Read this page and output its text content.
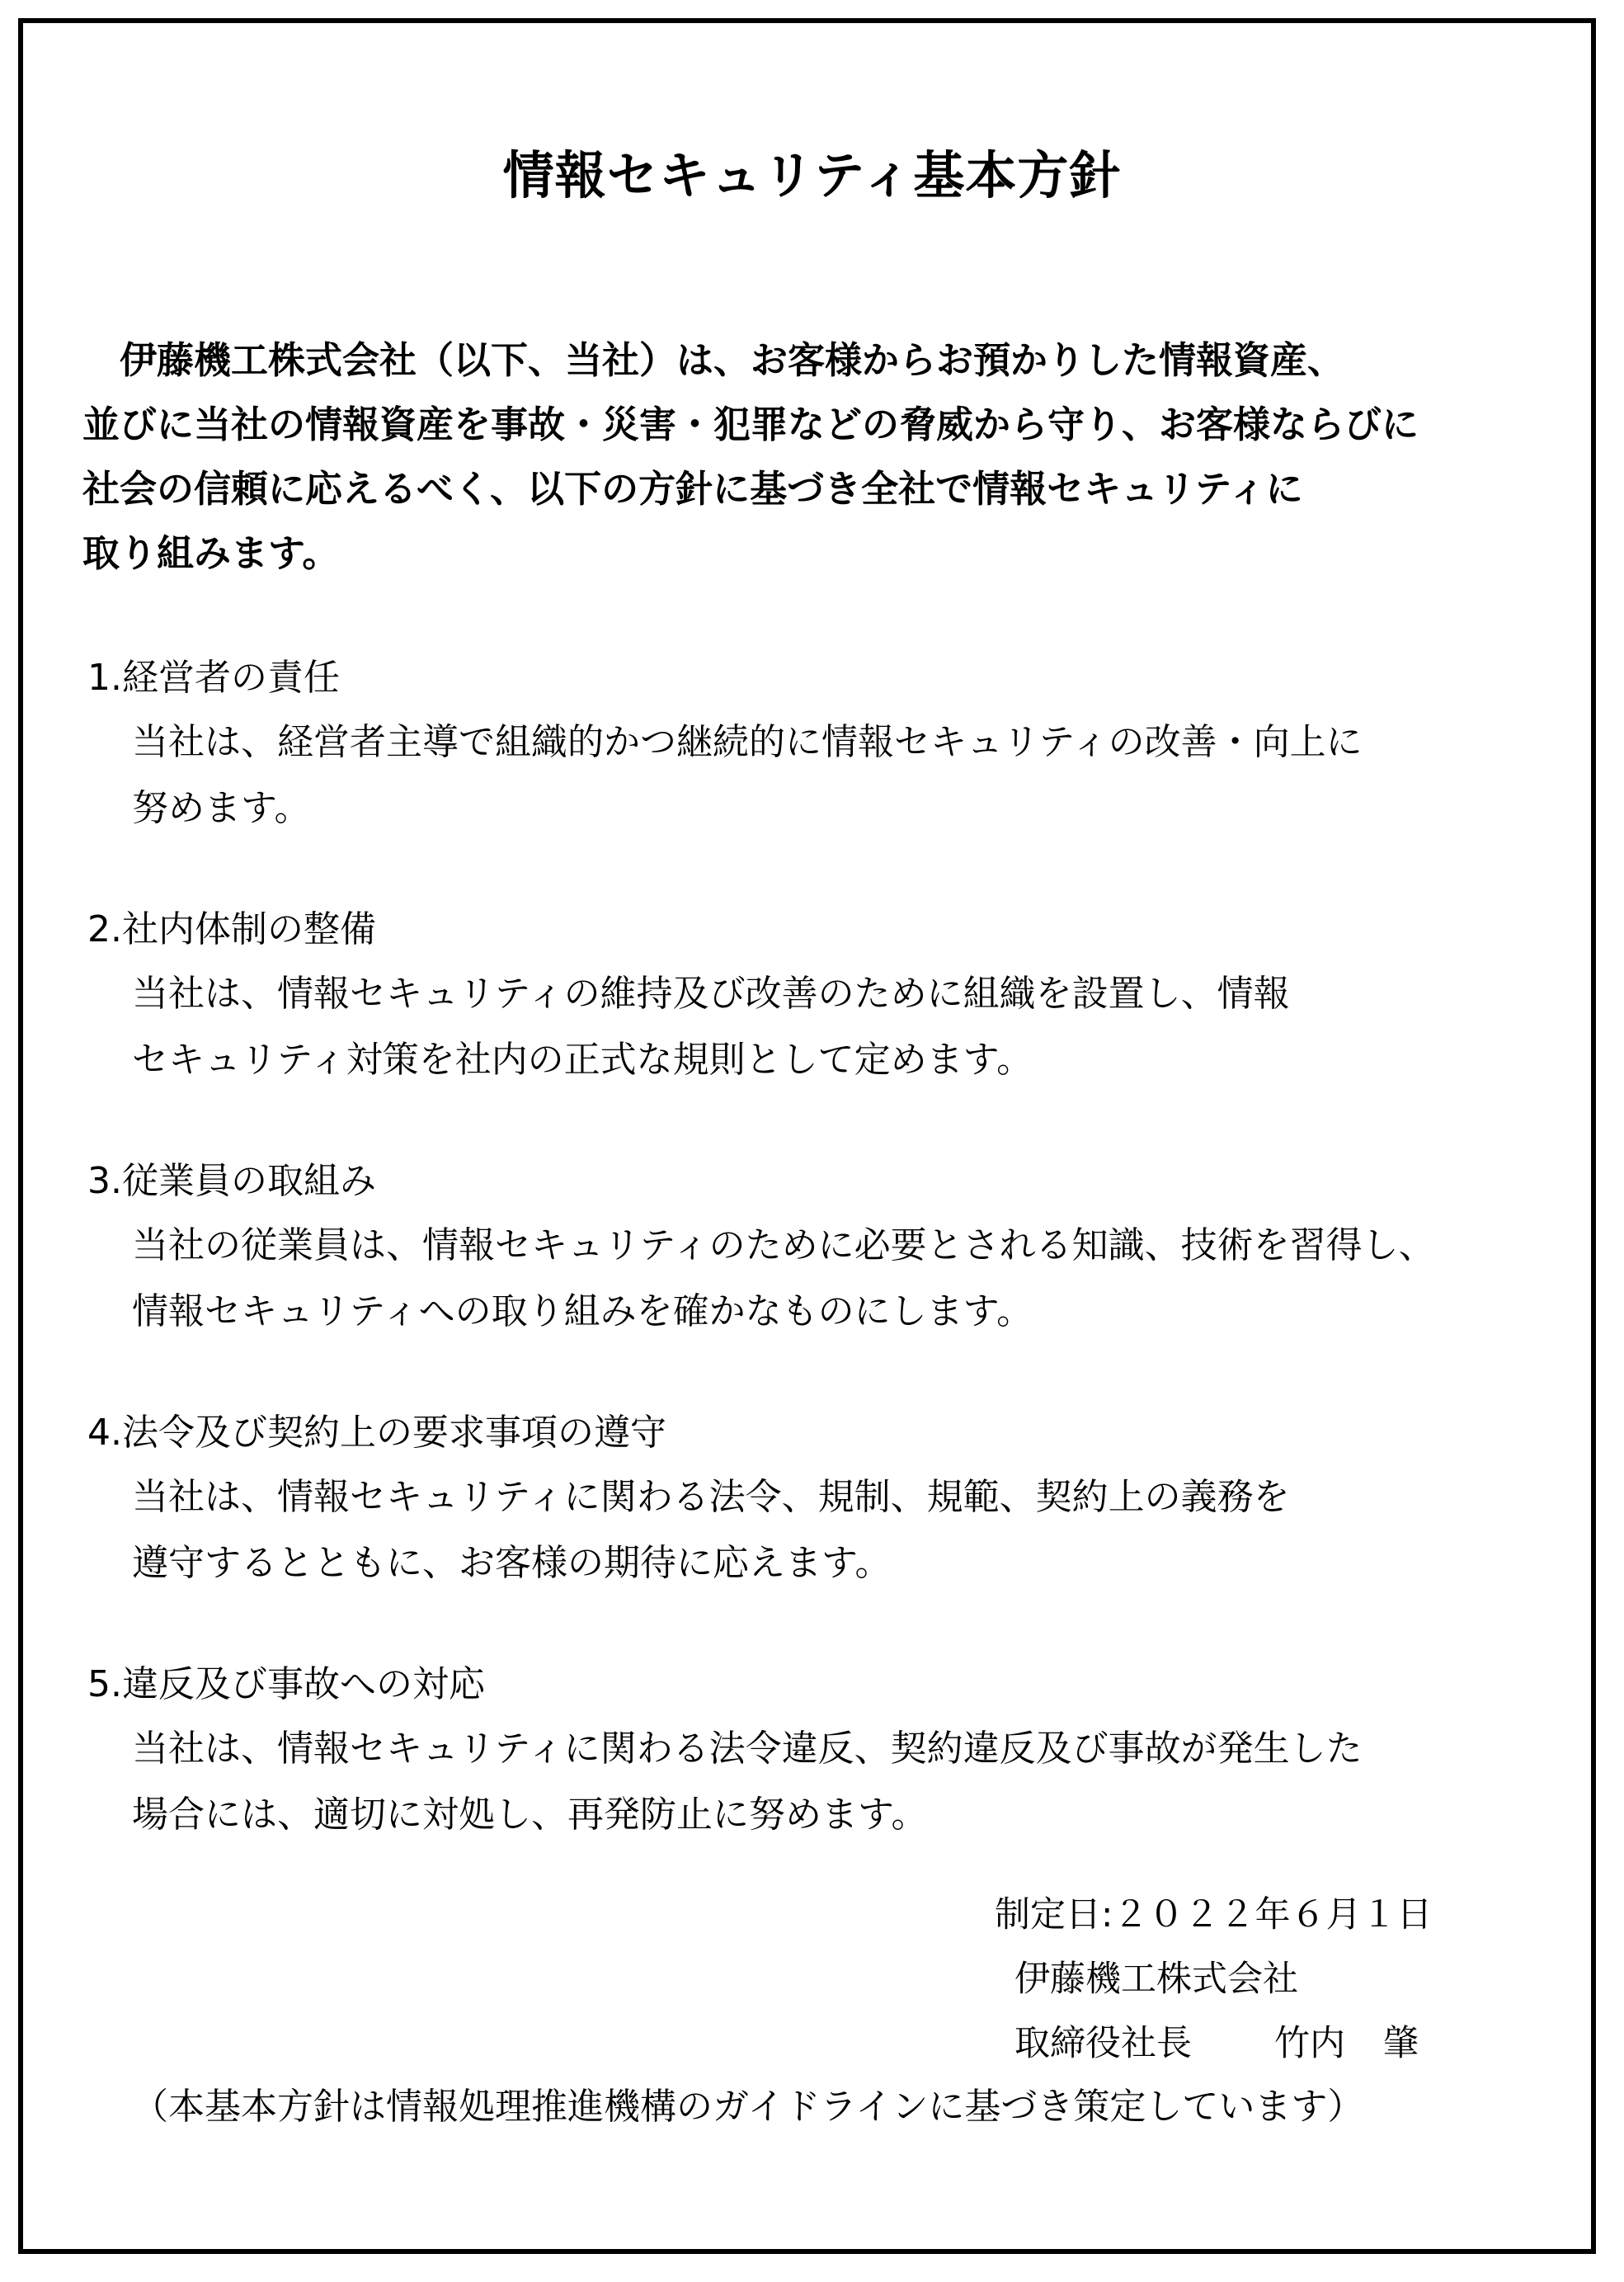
情報セキュリティ基本方針
　伊藤機工株式会社（以下、当社）は、お客様からお預かりした情報資産、
並びに当社の情報資産を事故・災害・犯罪などの脅威から守り、お客様ならびに
社会の信頼に応えるべく、以下の方針に基づき全社で情報セキュリティに
取り組みます。
1.経営者の責任
当社は、経営者主導で組織的かつ継続的に情報セキュリティの改善・向上に
努めます。
2.社内体制の整備
当社は、情報セキュリティの維持及び改善のために組織を設置し、情報
セキュリティ対策を社内の正式な規則として定めます。
3.従業員の取組み
当社の従業員は、情報セキュリティのために必要とされる知識、技術を習得し、
情報セキュリティへの取り組みを確かなものにします。
4.法令及び契約上の要求事項の遵守
当社は、情報セキュリティに関わる法令、規制、規範、契約上の義務を
遵守するとともに、お客様の期待に応えます。
5.違反及び事故への対応
当社は、情報セキュリティに関わる法令違反、契約違反及び事故が発生した
場合には、適切に対処し、再発防止に努めます。
制定日:２０２２年６月１日
伊藤機工株式会社
取締役社長 竹内 肇
（本基本方針は情報処理推進機構のガイドラインに基づき策定しています）
